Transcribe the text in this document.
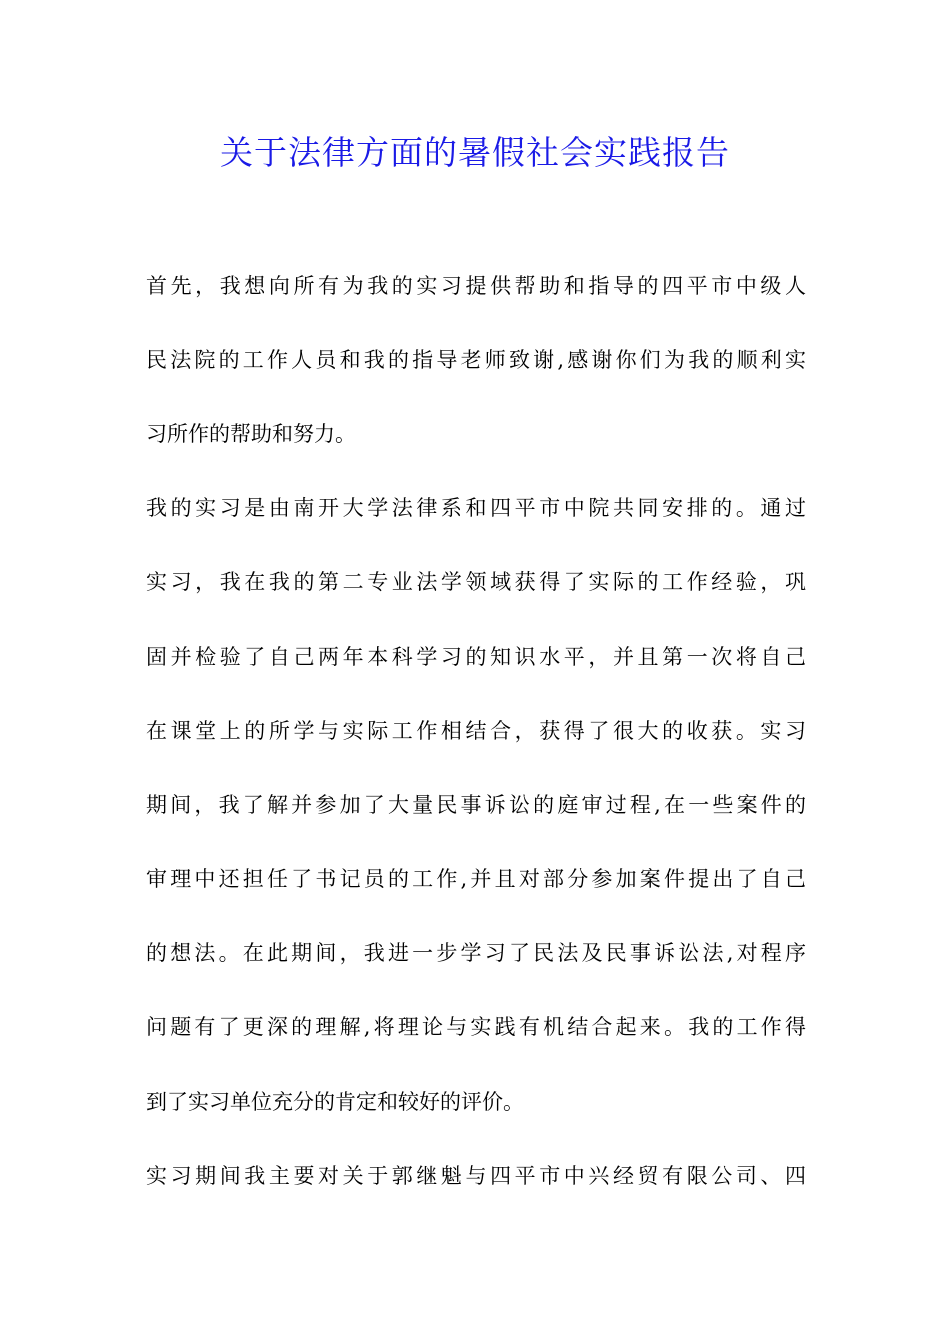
关于法律方面的暑假社会实践报告
首先，我想向所有为我的实习提供帮助和指导的四平市中级人
民法院的工作人员和我的指导老师致谢,感谢你们为我的顺利实
习所作的帮助和努力。
我的实习是由南开大学法律系和四平市中院共同安排的。通过
实习，我在我的第二专业法学领域获得了实际的工作经验，巩
固并检验了自己两年本科学习的知识水平，并且第一次将自己
在课堂上的所学与实际工作相结合，获得了很大的收获。实习
期间，我了解并参加了大量民事诉讼的庭审过程,在一些案件的
审理中还担任了书记员的工作,并且对部分参加案件提出了自己
的想法。在此期间，我进一步学习了民法及民事诉讼法,对程序
问题有了更深的理解,将理论与实践有机结合起来。我的工作得
到了实习单位充分的肯定和较好的评价。
实习期间我主要对关于郭继魁与四平市中兴经贸有限公司、四
